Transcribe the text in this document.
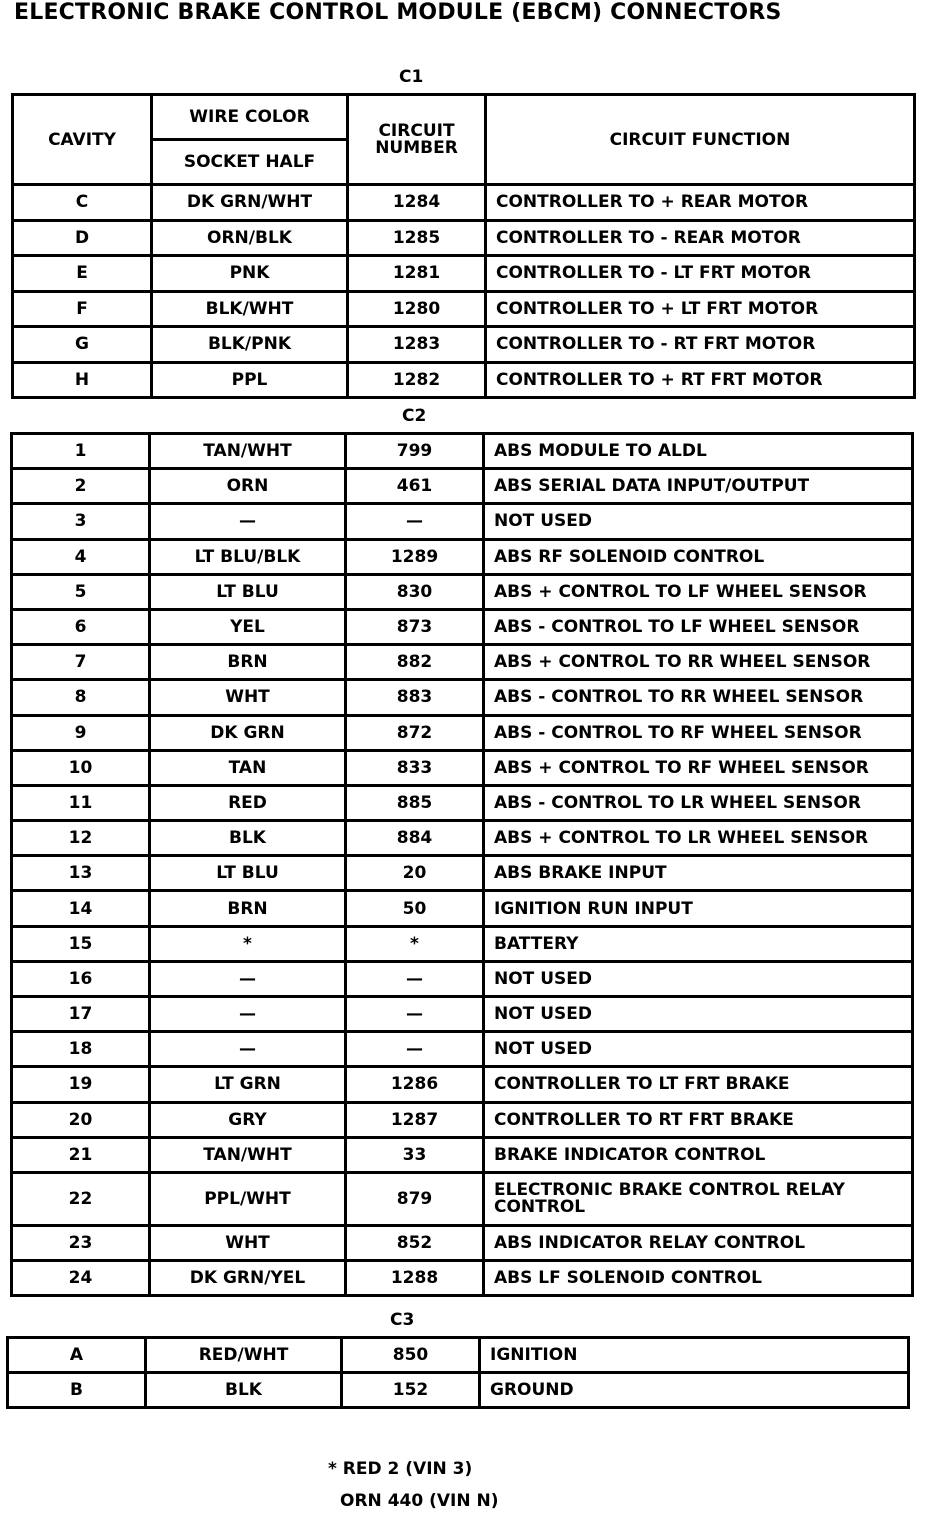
ELECTRONIC BRAKE CONTROL MODULE (EBCM) CONNECTORS
C1
CAVITY	WIRE COLOR	CIRCUIT NUMBER	CIRCUIT FUNCTION
	SOCKET HALF		
C	DK GRN/WHT	1284	CONTROLLER TO + REAR MOTOR
D	ORN/BLK	1285	CONTROLLER TO - REAR MOTOR
E	PNK	1281	CONTROLLER TO - LT FRT MOTOR
F	BLK/WHT	1280	CONTROLLER TO + LT FRT MOTOR
G	BLK/PNK	1283	CONTROLLER TO - RT FRT MOTOR
H	PPL	1282	CONTROLLER TO + RT FRT MOTOR
C2
1	TAN/WHT	799	ABS MODULE TO ALDL
2	ORN	461	ABS SERIAL DATA INPUT/OUTPUT
3	—	—	NOT USED
4	LT BLU/BLK	1289	ABS RF SOLENOID CONTROL
5	LT BLU	830	ABS + CONTROL TO LF WHEEL SENSOR
6	YEL	873	ABS - CONTROL TO LF WHEEL SENSOR
7	BRN	882	ABS + CONTROL TO RR WHEEL SENSOR
8	WHT	883	ABS - CONTROL TO RR WHEEL SENSOR
9	DK GRN	872	ABS - CONTROL TO RF WHEEL SENSOR
10	TAN	833	ABS + CONTROL TO RF WHEEL SENSOR
11	RED	885	ABS - CONTROL TO LR WHEEL SENSOR
12	BLK	884	ABS + CONTROL TO LR WHEEL SENSOR
13	LT BLU	20	ABS BRAKE INPUT
14	BRN	50	IGNITION RUN INPUT
15	*	*	BATTERY
16	—	—	NOT USED
17	—	—	NOT USED
18	—	—	NOT USED
19	LT GRN	1286	CONTROLLER TO LT FRT BRAKE
20	GRY	1287	CONTROLLER TO RT FRT BRAKE
21	TAN/WHT	33	BRAKE INDICATOR CONTROL
22	PPL/WHT	879	ELECTRONIC BRAKE CONTROL RELAY CONTROL
23	WHT	852	ABS INDICATOR RELAY CONTROL
24	DK GRN/YEL	1288	ABS LF SOLENOID CONTROL
C3
A	RED/WHT	850	IGNITION
B	BLK	152	GROUND
* RED 2 (VIN 3)
ORN 440 (VIN N)
